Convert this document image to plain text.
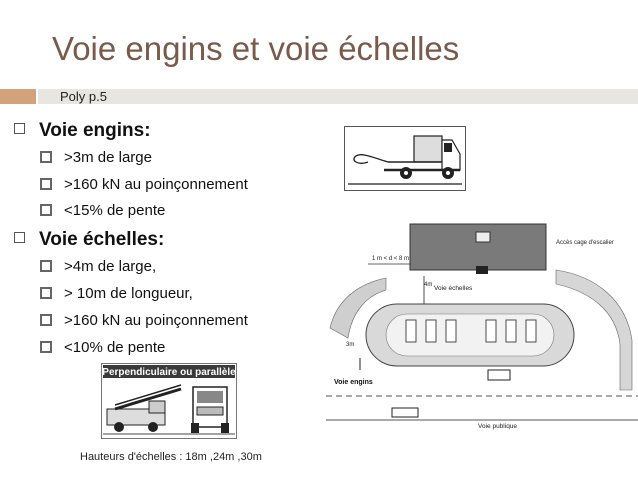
Voie engins et voie échelles
Poly p.5
Voie engins:
>3m de large
>160 kN au poinçonnement
<15% de pente
Voie échelles:
>4m de large,
> 10m de longueur,
>160 kN au poinçonnement
<10% de pente
Perpendiculaire ou parallèle
1 m < d < 8 m
Accès cage d'escalier
Voie échelles
4m
3m
Voie engins
Voie publique
Hauteurs d'échelles : 18m ,24m ,30m
